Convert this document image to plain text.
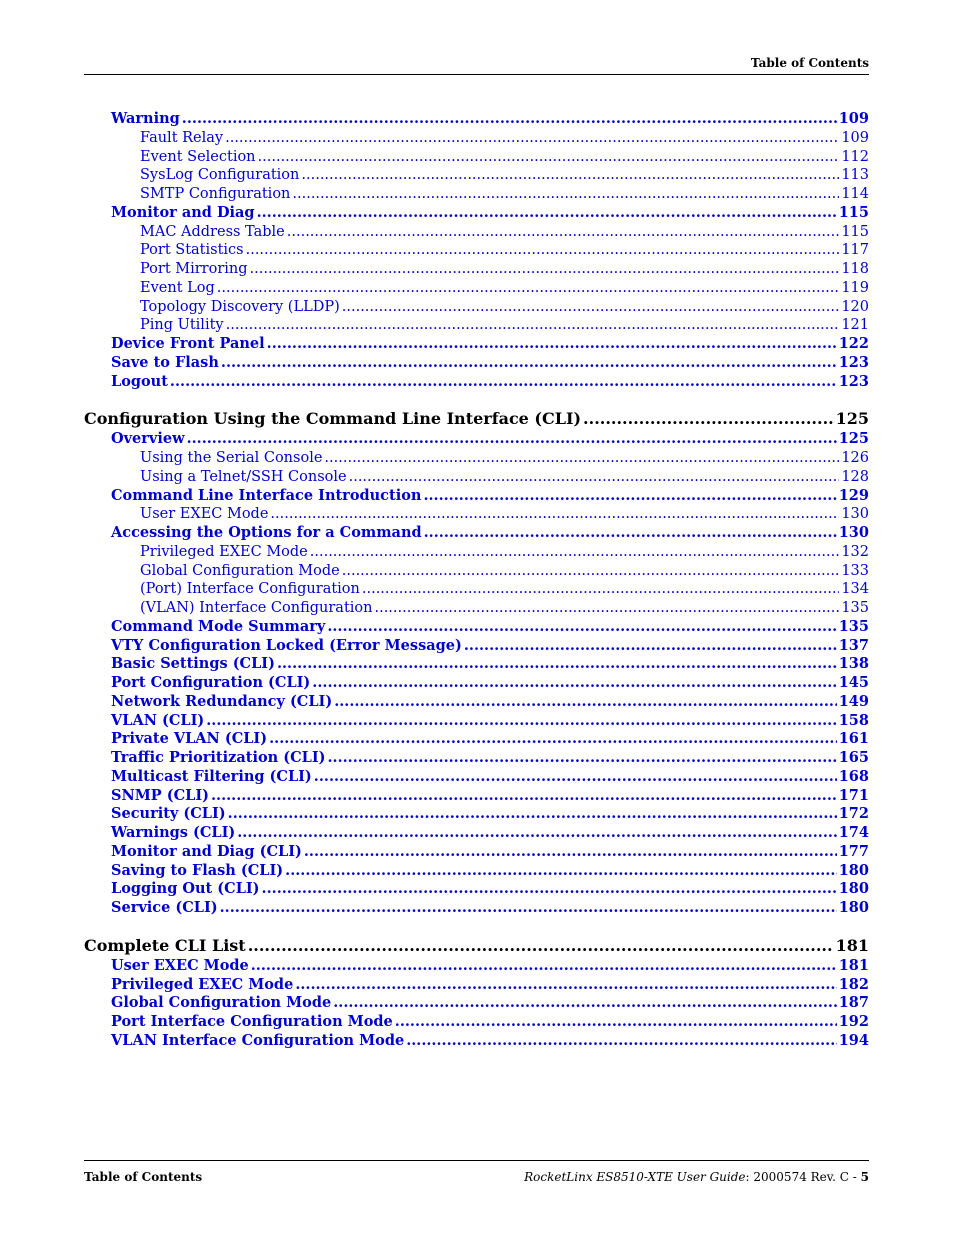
Table of Contents
Warning .....	109
Fault Relay .....	109
Event Selection .....	112
SysLog Configuration .....	113
SMTP Configuration .....	114
Monitor and Diag .....	115
MAC Address Table .....	115
Port Statistics .....	117
Port Mirroring .....	118
Event Log .....	119
Topology Discovery (LLDP) .....	120
Ping Utility .....	121
Device Front Panel .....	122
Save to Flash .....	123
Logout .....	123
Configuration Using the Command Line Interface (CLI) .....	125
Overview .....	125
Using the Serial Console .....	126
Using a Telnet/SSH Console .....	128
Command Line Interface Introduction .....	129
User EXEC Mode .....	130
Accessing the Options for a Command .....	130
Privileged EXEC Mode .....	132
Global Configuration Mode .....	133
(Port) Interface Configuration .....	134
(VLAN) Interface Configuration .....	135
Command Mode Summary .....	135
VTY Configuration Locked (Error Message) .....	137
Basic Settings (CLI) .....	138
Port Configuration (CLI) .....	145
Network Redundancy (CLI) .....	149
VLAN (CLI) .....	158
Private VLAN (CLI) .....	161
Traffic Prioritization (CLI) .....	165
Multicast Filtering (CLI) .....	168
SNMP (CLI) .....	171
Security (CLI) .....	172
Warnings (CLI) .....	174
Monitor and Diag (CLI) .....	177
Saving to Flash (CLI) .....	180
Logging Out (CLI) .....	180
Service (CLI) .....	180
Complete CLI List .....	181
User EXEC Mode .....	181
Privileged EXEC Mode .....	182
Global Configuration Mode .....	187
Port Interface Configuration Mode .....	192
VLAN Interface Configuration Mode .....	194
Table of Contents	RocketLinx ES8510-XTE User Guide: 2000574 Rev. C - 5
